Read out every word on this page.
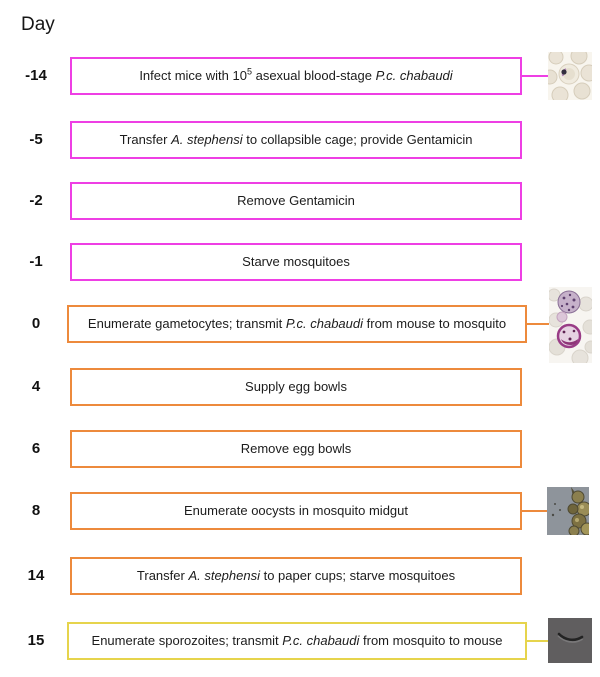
Day
-14	Infect mice with $10^5$ asexual blood-stage P.c. chabaudi
-5	Transfer A. stephensi to collapsible cage; provide Gentamicin
-2	Remove Gentamicin
-1	Starve mosquitoes
0	Enumerate gametocytes; transmit P.c. chabaudi from mouse to mosquito
4	Supply egg bowls
6	Remove egg bowls
8	Enumerate oocysts in mosquito midgut
14	Transfer A. stephensi to paper cups; starve mosquitoes
15	Enumerate sporozoites; transmit P.c. chabaudi from mosquito to mouse
